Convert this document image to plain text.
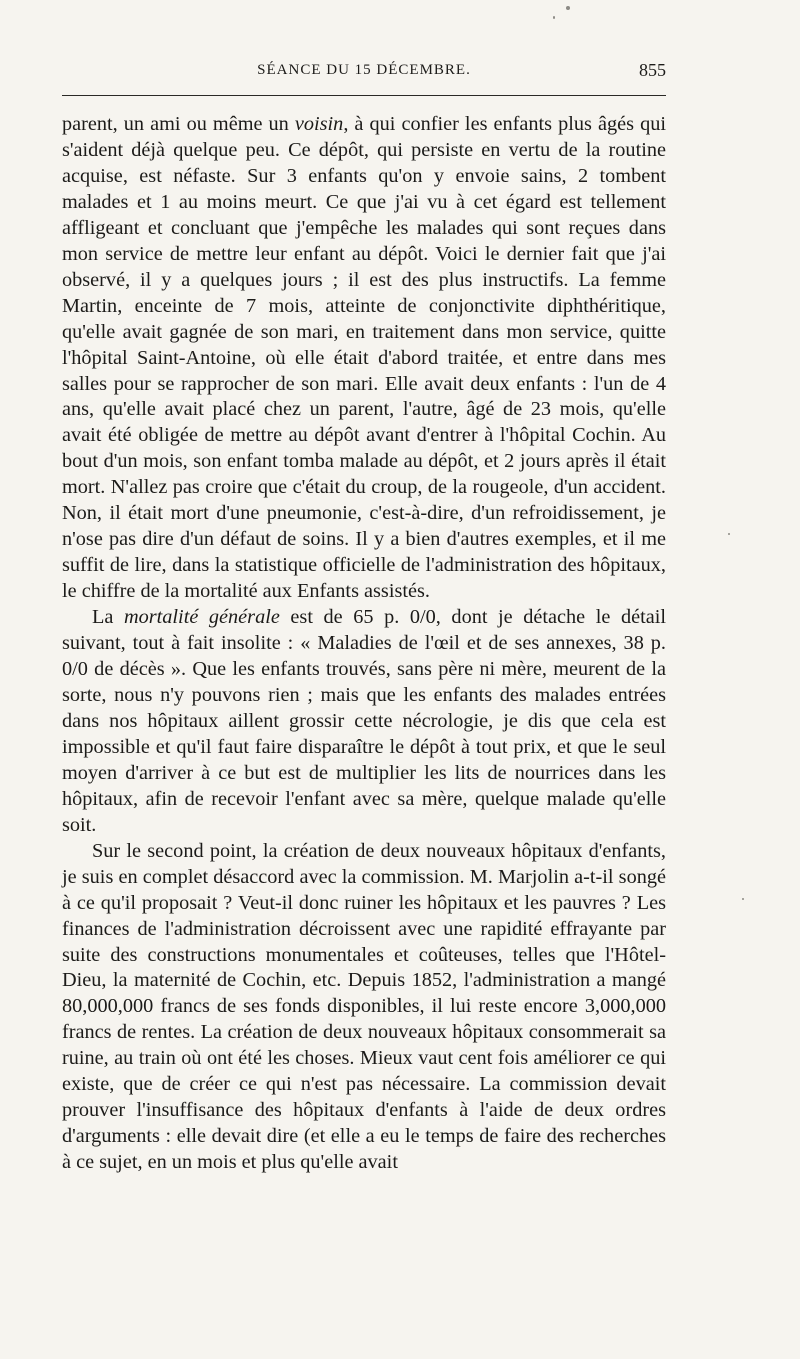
SÉANCE DU 15 DÉCEMBRE.	855

parent, un ami ou même un voisin, à qui confier les enfants plus âgés qui s'aident déjà quelque peu. Ce dépôt, qui persiste en vertu de la routine acquise, est néfaste. Sur 3 enfants qu'on y envoie sains, 2 tombent malades et 1 au moins meurt. Ce que j'ai vu à cet égard est tellement affligeant et concluant que j'empêche les malades qui sont reçues dans mon service de mettre leur enfant au dépôt. Voici le dernier fait que j'ai observé, il y a quelques jours ; il est des plus instructifs. La femme Martin, enceinte de 7 mois, atteinte de conjonctivite diphthéritique, qu'elle avait gagnée de son mari, en traitement dans mon service, quitte l'hôpital Saint-Antoine, où elle était d'abord traitée, et entre dans mes salles pour se rapprocher de son mari. Elle avait deux enfants : l'un de 4 ans, qu'elle avait placé chez un parent, l'autre, âgé de 23 mois, qu'elle avait été obligée de mettre au dépôt avant d'entrer à l'hôpital Cochin. Au bout d'un mois, son enfant tomba malade au dépôt, et 2 jours après il était mort. N'allez pas croire que c'était du croup, de la rougeole, d'un accident. Non, il était mort d'une pneumonie, c'est-à-dire, d'un refroidissement, je n'ose pas dire d'un défaut de soins. Il y a bien d'autres exemples, et il me suffit de lire, dans la statistique officielle de l'administration des hôpitaux, le chiffre de la mortalité aux Enfants assistés.

La mortalité générale est de 65 p. 0/0, dont je détache le détail suivant, tout à fait insolite : « Maladies de l'œil et de ses annexes, 38 p. 0/0 de décès ». Que les enfants trouvés, sans père ni mère, meurent de la sorte, nous n'y pouvons rien ; mais que les enfants des malades entrées dans nos hôpitaux aillent grossir cette nécrologie, je dis que cela est impossible et qu'il faut faire disparaître le dépôt à tout prix, et que le seul moyen d'arriver à ce but est de multiplier les lits de nourrices dans les hôpitaux, afin de recevoir l'enfant avec sa mère, quelque malade qu'elle soit.

Sur le second point, la création de deux nouveaux hôpitaux d'enfants, je suis en complet désaccord avec la commission. M. Marjolin a-t-il songé à ce qu'il proposait ? Veut-il donc ruiner les hôpitaux et les pauvres ? Les finances de l'administration décroissent avec une rapidité effrayante par suite des constructions monumentales et coûteuses, telles que l'Hôtel-Dieu, la maternité de Cochin, etc. Depuis 1852, l'administration a mangé 80,000,000 francs de ses fonds disponibles, il lui reste encore 3,000,000 francs de rentes. La création de deux nouveaux hôpitaux consommerait sa ruine, au train où ont été les choses. Mieux vaut cent fois améliorer ce qui existe, que de créer ce qui n'est pas nécessaire. La commission devait prouver l'insuffisance des hôpitaux d'enfants à l'aide de deux ordres d'arguments : elle devait dire (et elle a eu le temps de faire des recherches à ce sujet, en un mois et plus qu'elle avait
